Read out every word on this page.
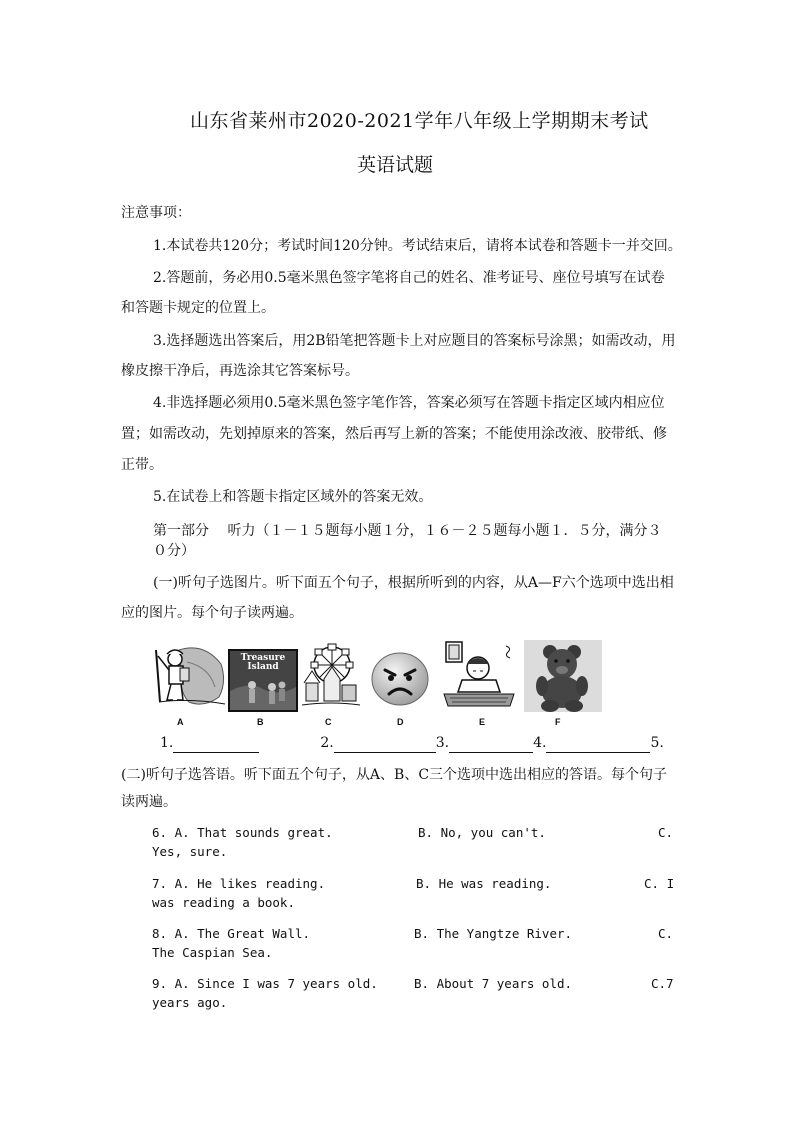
山东省莱州市2020-2021学年八年级上学期期末考试
英语试题
注意事项：
1.本试卷共120分；考试时间120分钟。考试结束后，请将本试卷和答题卡一并交回。
2.答题前，务必用0.5毫米黑色签字笔将自己的姓名、准考证号、座位号填写在试卷
和答题卡规定的位置上。
3.选择题选出答案后，用2B铅笔把答题卡上对应题目的答案标号涂黑；如需改动，用
橡皮擦干净后，再选涂其它答案标号。
4.非选择题必须用0.5毫米黑色签字笔作答，答案必须写在答题卡指定区域内相应位
置；如需改动，先划掉原来的答案，然后再写上新的答案；不能使用涂改液、胶带纸、修
正带。
5.在试卷上和答题卡指定区域外的答案无效。
第一部分　 听力（１－１５题每小题１分，１６－２５题每小题１．５分，满分３
０分）
(一)听句子选图片。听下面五个句子，根据所听到的内容，从A—F六个选项中选出相
应的图片。每个句子读两遍。
Treasure Island
A	B	C	D	E	F
1.	2.	3.	4.	5.
(二)听句子选答语。听下面五个句子，从A、B、C三个选项中选出相应的答语。每个句子
读两遍。
6. A. That sounds great.	B. No, you can't.	C.
Yes, sure.
7. A. He likes reading.	B. He was reading.	C. I
was reading a book.
8. A. The Great Wall.	B. The Yangtze River.	C.
The Caspian Sea.
9. A. Since I was 7 years old.	B. About 7 years old.	C.7
years ago.
